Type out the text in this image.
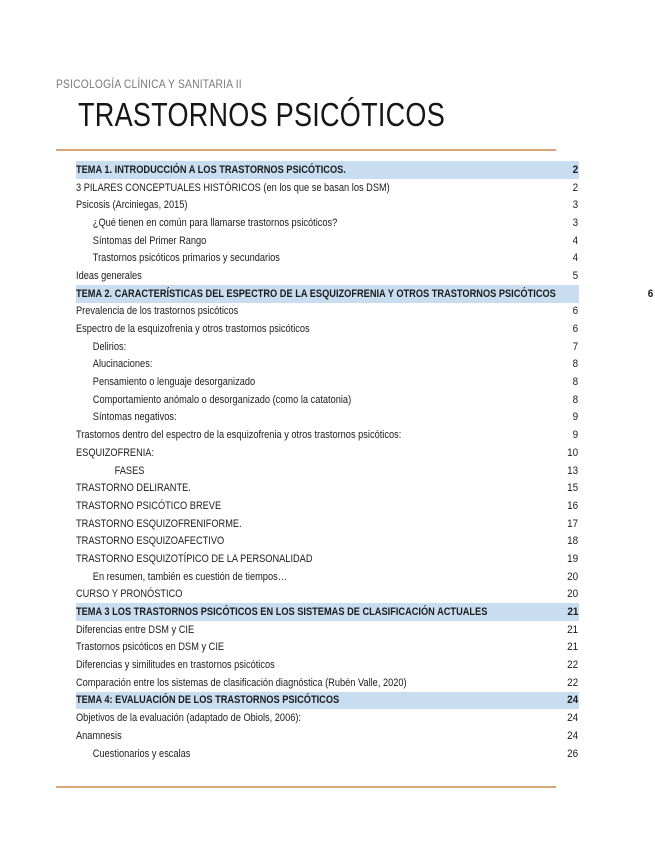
PSICOLOGÍA CLÍNICA Y SANITARIA II
TRASTORNOS PSICÓTICOS
TEMA 1. INTRODUCCIÓN A LOS TRASTORNOS PSICÓTICOS.	2
3 PILARES CONCEPTUALES HISTÓRICOS (en los que se basan los DSM)	2
Psicosis (Arciniegas, 2015)	3
¿Qué tienen en común para llamarse trastornos psicóticos?	3
Síntomas del Primer Rango	4
Trastornos psicóticos primarios y secundarios	4
Ideas generales	5
TEMA 2. CARACTERÍSTICAS DEL ESPECTRO DE LA ESQUIZOFRENIA Y OTROS TRASTORNOS PSICÓTICOS	6
Prevalencia de los trastornos psicóticos	6
Espectro de la esquizofrenia y otros trastornos psicóticos	6
Delirios:	7
Alucinaciones:	8
Pensamiento o lenguaje desorganizado	8
Comportamiento anómalo o desorganizado (como la catatonia)	8
Síntomas negativos:	9
Trastornos dentro del espectro de la esquizofrenia y otros trastornos psicóticos:	9
ESQUIZOFRENIA:	10
FASES	13
TRASTORNO DELIRANTE.	15
TRASTORNO PSICÓTICO BREVE	16
TRASTORNO ESQUIZOFRENIFORME.	17
TRASTORNO ESQUIZOAFECTIVO	18
TRASTORNO ESQUIZOTÍPICO DE LA PERSONALIDAD	19
En resumen, también es cuestión de tiempos…	20
CURSO Y PRONÓSTICO	20
TEMA 3 LOS TRASTORNOS PSICÓTICOS EN LOS SISTEMAS DE CLASIFICACIÓN ACTUALES	21
Diferencias entre DSM y CIE	21
Trastornos psicóticos en DSM y CIE	21
Diferencias y similitudes en trastornos psicóticos	22
Comparación entre los sistemas de clasificación diagnóstica (Rubén Valle, 2020)	22
TEMA 4: EVALUACIÓN DE LOS TRASTORNOS PSICÓTICOS	24
Objetivos de la evaluación (adaptado de Obiols, 2006):	24
Anamnesis	24
Cuestionarios y escalas	26
